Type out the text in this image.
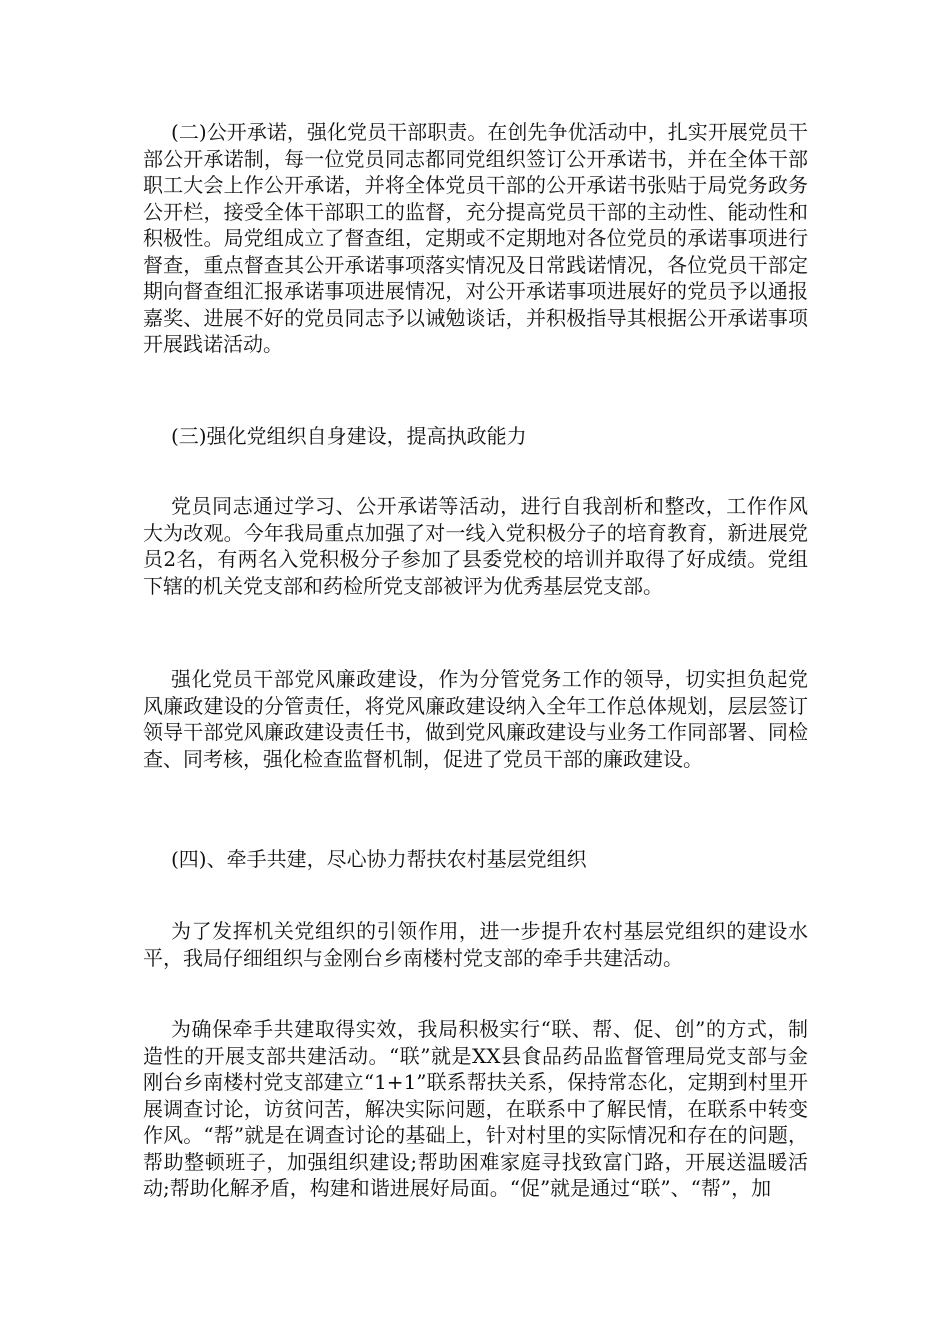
(二)公开承诺，强化党员干部职责。在创先争优活动中，扎实开展党员干部公开承诺制，每一位党员同志都同党组织签订公开承诺书，并在全体干部职工大会上作公开承诺，并将全体党员干部的公开承诺书张贴于局党务政务公开栏，接受全体干部职工的监督，充分提高党员干部的主动性、能动性和积极性。局党组成立了督查组，定期或不定期地对各位党员的承诺事项进行督查，重点督查其公开承诺事项落实情况及日常践诺情况，各位党员干部定期向督查组汇报承诺事项进展情况，对公开承诺事项进展好的党员予以通报嘉奖、进展不好的党员同志予以诫勉谈话，并积极指导其根据公开承诺事项开展践诺活动。

(三)强化党组织自身建设，提高执政能力

党员同志通过学习、公开承诺等活动，进行自我剖析和整改，工作作风大为改观。今年我局重点加强了对一线入党积极分子的培育教育，新进展党员2名，有两名入党积极分子参加了县委党校的培训并取得了好成绩。党组下辖的机关党支部和药检所党支部被评为优秀基层党支部。

强化党员干部党风廉政建设，作为分管党务工作的领导，切实担负起党风廉政建设的分管责任，将党风廉政建设纳入全年工作总体规划，层层签订领导干部党风廉政建设责任书，做到党风廉政建设与业务工作同部署、同检查、同考核，强化检查监督机制，促进了党员干部的廉政建设。

(四)、牵手共建，尽心协力帮扶农村基层党组织

为了发挥机关党组织的引领作用，进一步提升农村基层党组织的建设水平，我局仔细组织与金刚台乡南楼村党支部的牵手共建活动。

为确保牵手共建取得实效，我局积极实行“联、帮、促、创”的方式，制造性的开展支部共建活动。“联”就是XX县食品药品监督管理局党支部与金刚台乡南楼村党支部建立“1+1”联系帮扶关系，保持常态化，定期到村里开展调查讨论，访贫问苦，解决实际问题，在联系中了解民情，在联系中转变作风。“帮”就是在调查讨论的基础上，针对村里的实际情况和存在的问题，帮助整顿班子，加强组织建设;帮助困难家庭寻找致富门路，开展送温暖活动;帮助化解矛盾，构建和谐进展好局面。“促”就是通过“联”、“帮”，加
